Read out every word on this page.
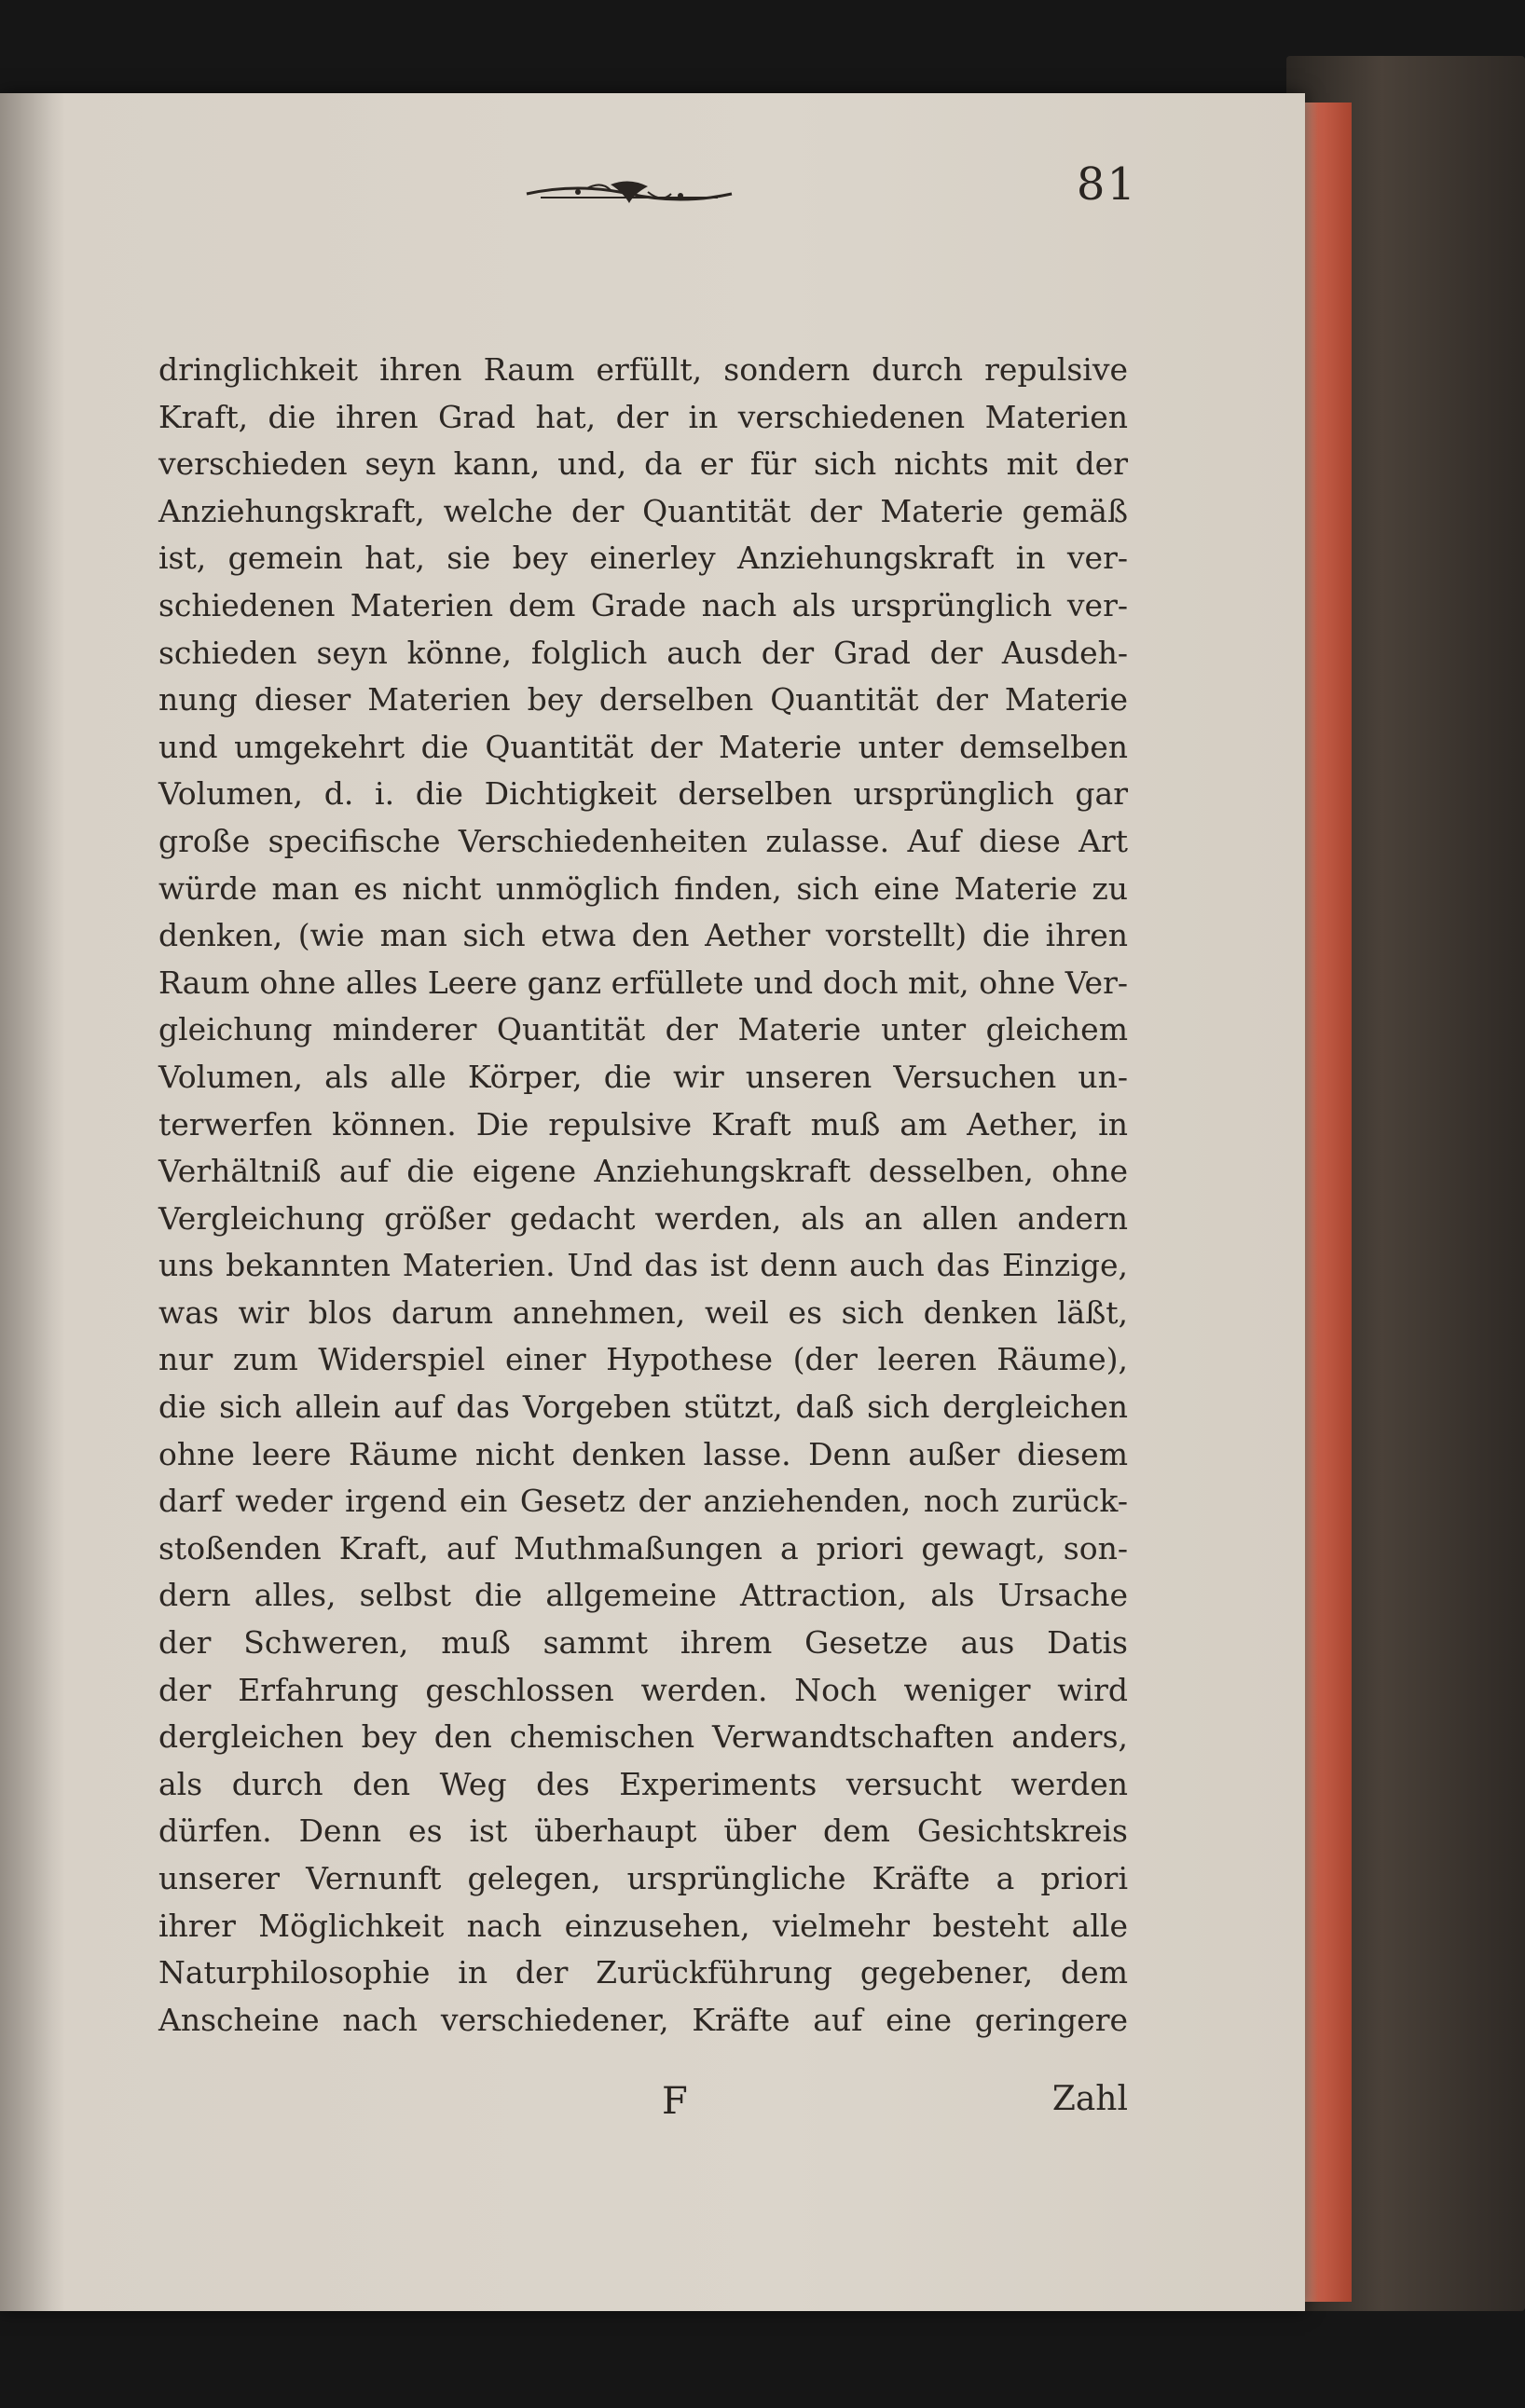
81
dringlichkeit ihren Raum erfüllt, sondern durch repulsive
Kraft, die ihren Grad hat, der in verschiedenen Materien
verschieden seyn kann, und, da er für sich nichts mit der
Anziehungskraft, welche der Quantität der Materie gemäß
ist, gemein hat, sie bey einerley Anziehungskraft in ver-
schiedenen Materien dem Grade nach als ursprünglich ver-
schieden seyn könne, folglich auch der Grad der Ausdeh-
nung dieser Materien bey derselben Quantität der Materie
und umgekehrt die Quantität der Materie unter demselben
Volumen, d. i. die Dichtigkeit derselben ursprünglich gar
große specifische Verschiedenheiten zulasse. Auf diese Art
würde man es nicht unmöglich finden, sich eine Materie zu
denken, (wie man sich etwa den Aether vorstellt) die ihren
Raum ohne alles Leere ganz erfüllete und doch mit, ohne Ver-
gleichung minderer Quantität der Materie unter gleichem
Volumen, als alle Körper, die wir unseren Versuchen un-
terwerfen können. Die repulsive Kraft muß am Aether, in
Verhältniß auf die eigene Anziehungskraft desselben, ohne
Vergleichung größer gedacht werden, als an allen andern
uns bekannten Materien. Und das ist denn auch das Einzige,
was wir blos darum annehmen, weil es sich denken läßt,
nur zum Widerspiel einer Hypothese (der leeren Räume),
die sich allein auf das Vorgeben stützt, daß sich dergleichen
ohne leere Räume nicht denken lasse. Denn außer diesem
darf weder irgend ein Gesetz der anziehenden, noch zurück-
stoßenden Kraft, auf Muthmaßungen a priori gewagt, son-
dern alles, selbst die allgemeine Attraction, als Ursache
der Schweren, muß sammt ihrem Gesetze aus Datis
der Erfahrung geschlossen werden. Noch weniger wird
dergleichen bey den chemischen Verwandtschaften anders,
als durch den Weg des Experiments versucht werden
dürfen. Denn es ist überhaupt über dem Gesichtskreis
unserer Vernunft gelegen, ursprüngliche Kräfte a priori
ihrer Möglichkeit nach einzusehen, vielmehr besteht alle
Naturphilosophie in der Zurückführung gegebener, dem
Anscheine nach verschiedener, Kräfte auf eine geringere
F	Zahl
